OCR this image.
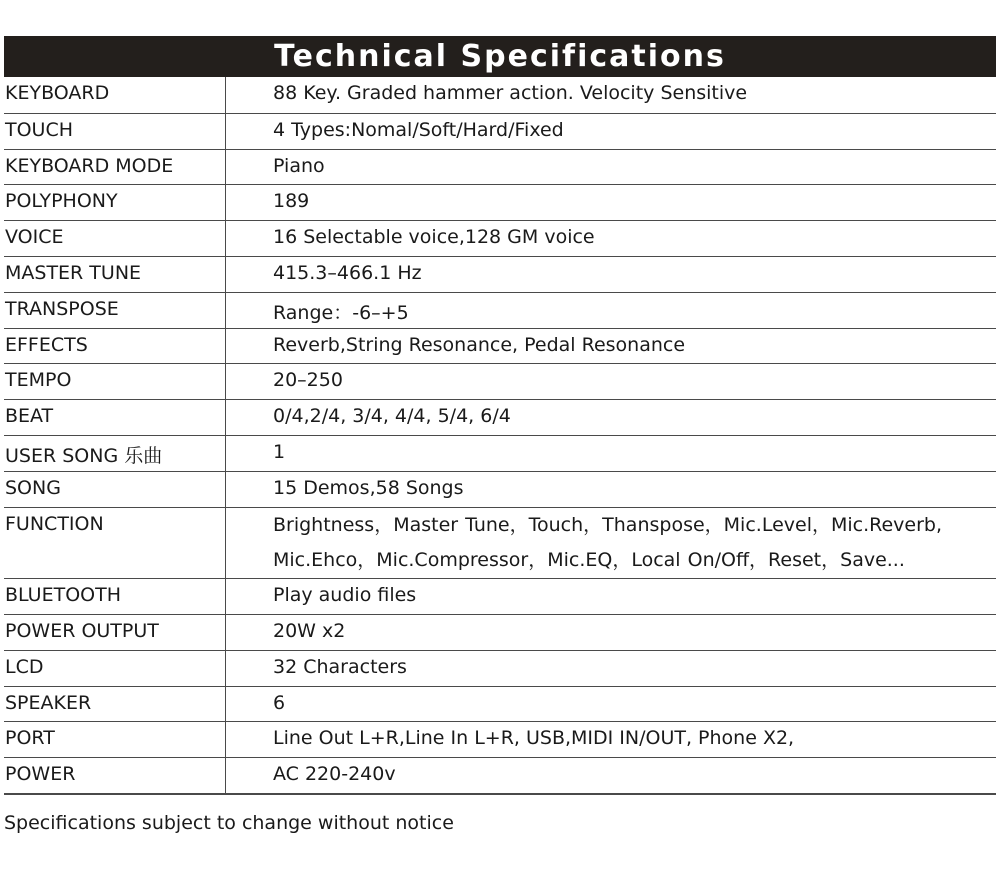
Technical Specifications
KEYBOARD	88 Key. Graded hammer action. Velocity Sensitive
TOUCH	4 Types:Nomal/Soft/Hard/Fixed
KEYBOARD MODE	Piano
POLYPHONY	189
VOICE	16 Selectable voice,128 GM voice
MASTER TUNE	415.3–466.1 Hz
TRANSPOSE	Range：-6–+5
EFFECTS	Reverb,String Resonance, Pedal Resonance
TEMPO	20–250
BEAT	0/4,2/4, 3/4, 4/4, 5/4, 6/4
USER SONG 乐曲	1
SONG	15 Demos,58 Songs
FUNCTION	Brightness，Master Tune，Touch，Thanspose，Mic.Level，Mic.Reverb, Mic.Ehco，Mic.Compressor，Mic.EQ，Local On/Off，Reset，Save...
BLUETOOTH	Play audio files
POWER OUTPUT	20W x2
LCD	32 Characters
SPEAKER	6
PORT	Line Out L+R,Line In L+R, USB,MIDI IN/OUT, Phone X2,
POWER	AC 220-240v
Specifications subject to change without notice
